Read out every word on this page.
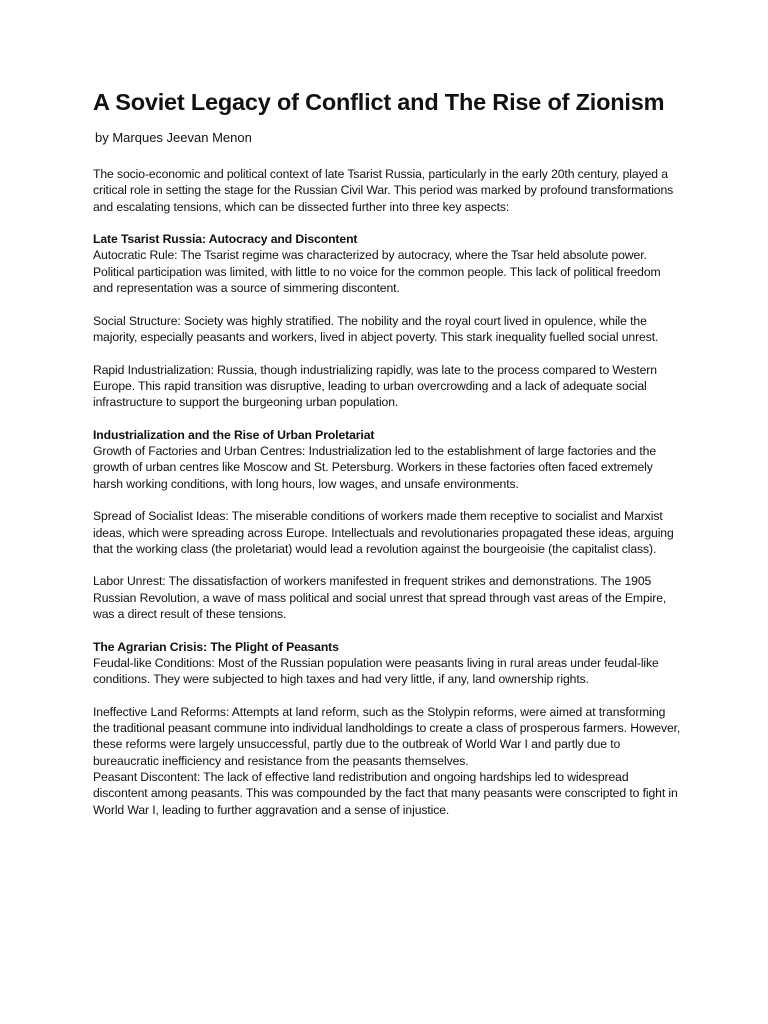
A Soviet Legacy of Conflict and The Rise of Zionism by Marques Jeevan Menon

The socio-economic and political context of late Tsarist Russia, particularly in the early 20th century, played a critical role in setting the stage for the Russian Civil War. This period was marked by profound transformations and escalating tensions, which can be dissected further into three key aspects:

Late Tsarist Russia: Autocracy and Discontent
Autocratic Rule: The Tsarist regime was characterized by autocracy, where the Tsar held absolute power. Political participation was limited, with little to no voice for the common people. This lack of political freedom and representation was a source of simmering discontent.

Social Structure: Society was highly stratified. The nobility and the royal court lived in opulence, while the majority, especially peasants and workers, lived in abject poverty. This stark inequality fuelled social unrest.

Rapid Industrialization: Russia, though industrializing rapidly, was late to the process compared to Western Europe. This rapid transition was disruptive, leading to urban overcrowding and a lack of adequate social infrastructure to support the burgeoning urban population.

Industrialization and the Rise of Urban Proletariat
Growth of Factories and Urban Centres: Industrialization led to the establishment of large factories and the growth of urban centres like Moscow and St. Petersburg. Workers in these factories often faced extremely harsh working conditions, with long hours, low wages, and unsafe environments.

Spread of Socialist Ideas: The miserable conditions of workers made them receptive to socialist and Marxist ideas, which were spreading across Europe. Intellectuals and revolutionaries propagated these ideas, arguing that the working class (the proletariat) would lead a revolution against the bourgeoisie (the capitalist class).

Labor Unrest: The dissatisfaction of workers manifested in frequent strikes and demonstrations. The 1905 Russian Revolution, a wave of mass political and social unrest that spread through vast areas of the Empire, was a direct result of these tensions.

The Agrarian Crisis: The Plight of Peasants
Feudal-like Conditions: Most of the Russian population were peasants living in rural areas under feudal-like conditions. They were subjected to high taxes and had very little, if any, land ownership rights.

Ineffective Land Reforms: Attempts at land reform, such as the Stolypin reforms, were aimed at transforming the traditional peasant commune into individual landholdings to create a class of prosperous farmers. However, these reforms were largely unsuccessful, partly due to the outbreak of World War I and partly due to bureaucratic inefficiency and resistance from the peasants themselves.

Peasant Discontent: The lack of effective land redistribution and ongoing hardships led to widespread discontent among peasants. This was compounded by the fact that many peasants were conscripted to fight in World War I, leading to further aggravation and a sense of injustice.
